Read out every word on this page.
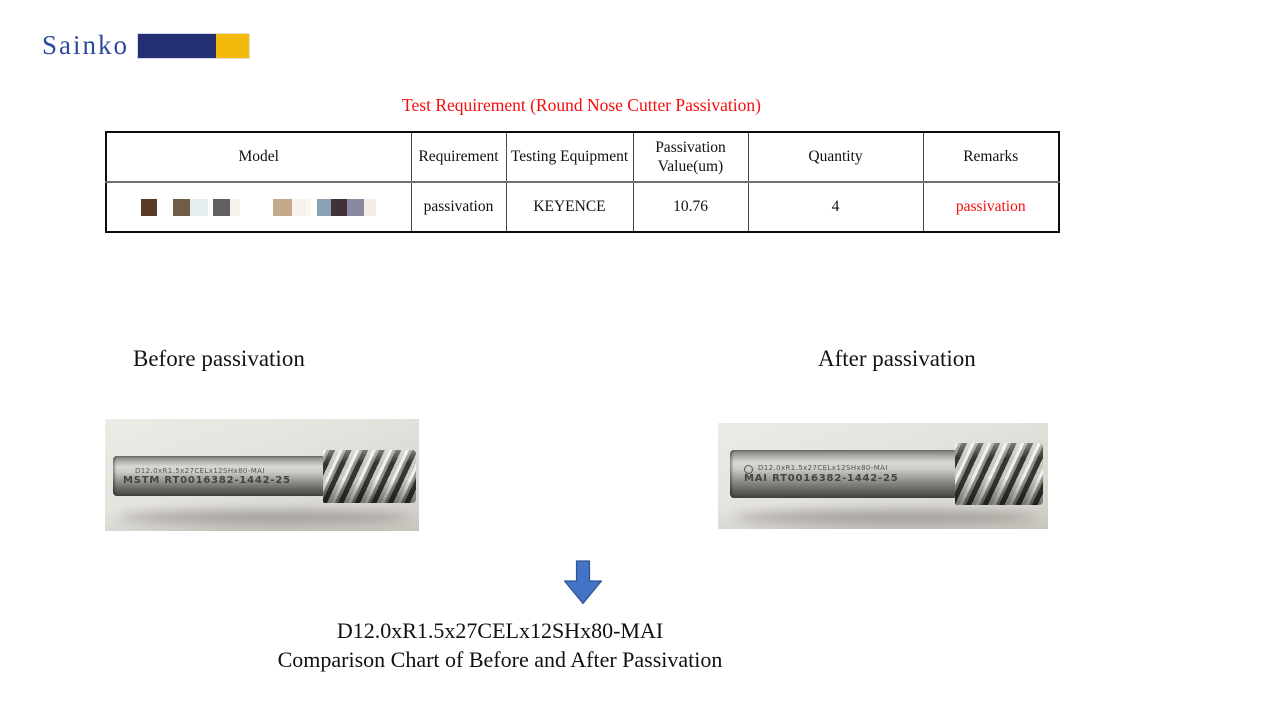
Sainko
Test Requirement (Round Nose Cutter Passivation)
Model	Requirement	Testing Equipment	Passivation Value(um)	Quantity	Remarks
	passivation	KEYENCE	10.76	4	passivation
Before passivation	After passivation
D12.0xR1.5x27CELx12SHx80-MAI
MSTM RT0016382-1442-25
D12.0xR1.5x27CELx12SHx80-MAI
MAI RT0016382-1442-25
D12.0xR1.5x27CELx12SHx80-MAI
Comparison Chart of Before and After Passivation
